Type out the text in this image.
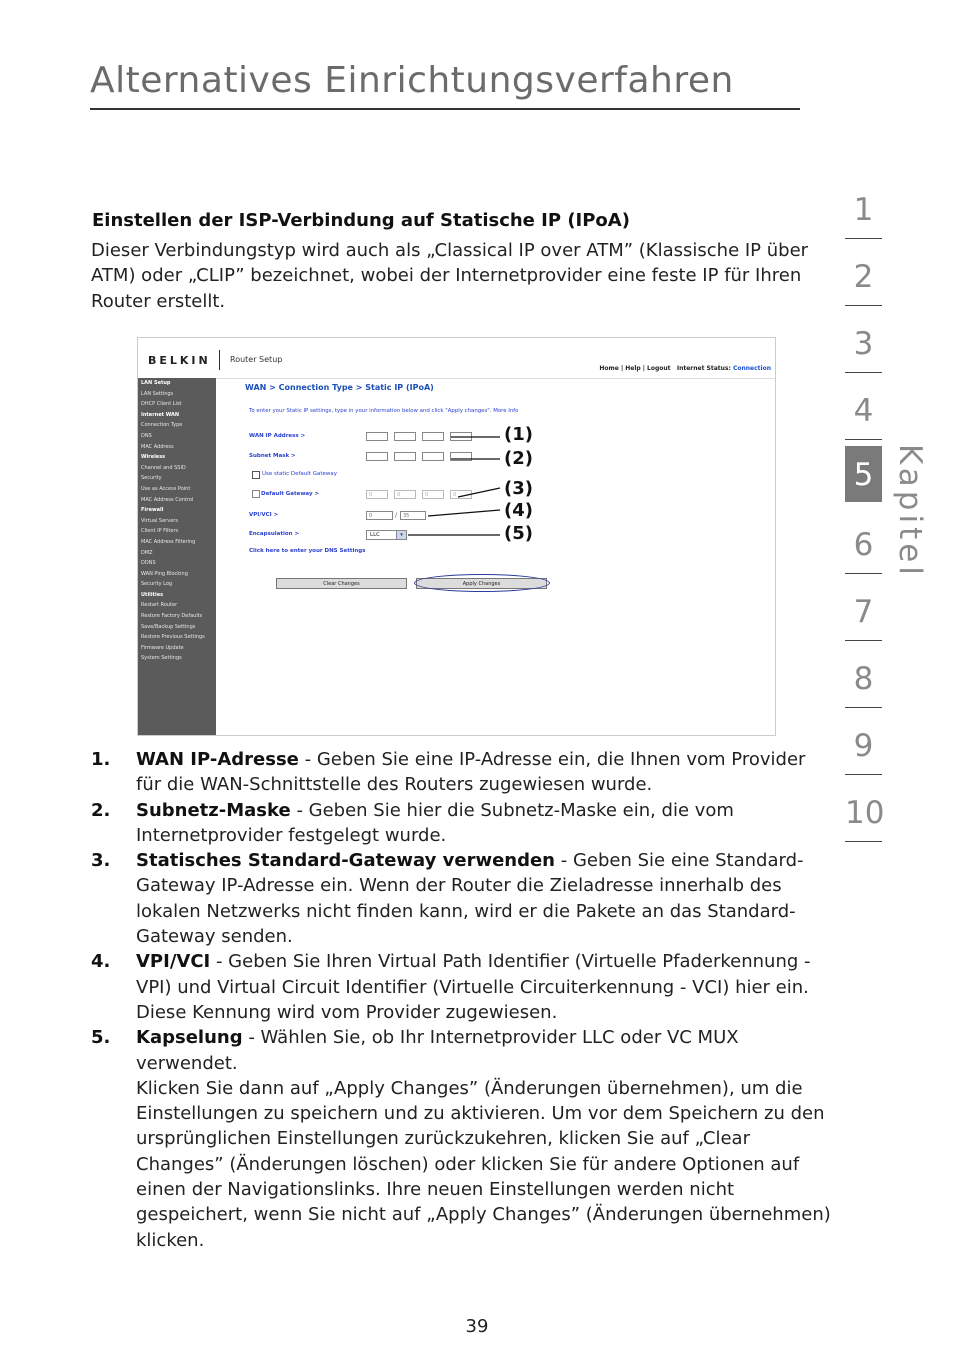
Alternatives Einrichtungsverfahren
1
2
3
4
5
6
7
8
9
10
Kapitel
Einstellen der ISP-Verbindung auf Statische IP (IPoA)

Dieser Verbindungstyp wird auch als „Classical IP over ATM” (Klassische IP über ATM) oder „CLIP” bezeichnet, wobei der Internetprovider eine feste IP für Ihren Router erstellt.

BELKIN Router Setup
Home | Help | Logout Internet Status: Connection
LAN Setup
LAN Settings
DHCP Client List
Internet WAN
Connection Type
DNS
MAC Address
Wireless
Channel and SSID
Security
Use as Access Point
MAC Address Control
Firewall
Virtual Servers
Client IP Filters
MAC Address Filtering
DMZ
DDNS
WAN Ping Blocking
Security Log
Utilities
Restart Router
Restore Factory Defaults
Save/Backup Settings
Restore Previous Settings
Firmware Update
System Settings
WAN > Connection Type > Static IP (IPoA)
To enter your Static IP settings, type in your information below and click "Apply changes". More Info
WAN IP Address >
Subnet Mask >
Use static Default Gateway
Default Gateway >	0	0	0	0
VPI/VCI >	0	/	35
Encapsulation >	LLC	▾
Click here to enter your DNS Settings
Clear Changes	Apply Changes
(1)
(2)
(3)
(4)
(5)
1. WAN IP-Adresse - Geben Sie eine IP-Adresse ein, die Ihnen vom Provider für die WAN-Schnittstelle des Routers zugewiesen wurde.
2. Subnetz-Maske - Geben Sie hier die Subnetz-Maske ein, die vom Internetprovider festgelegt wurde.
3. Statisches Standard-Gateway verwenden - Geben Sie eine Standard-Gateway IP-Adresse ein. Wenn der Router die Zieladresse innerhalb des lokalen Netzwerks nicht finden kann, wird er die Pakete an das Standard-Gateway senden.
4. VPI/VCI - Geben Sie Ihren Virtual Path Identifier (Virtuelle Pfaderkennung - VPI) und Virtual Circuit Identifier (Virtuelle Circuiterkennung - VCI) hier ein. Diese Kennung wird vom Provider zugewiesen.
5. Kapselung - Wählen Sie, ob Ihr Internetprovider LLC oder VC MUX verwendet.
Klicken Sie dann auf „Apply Changes” (Änderungen übernehmen), um die Einstellungen zu speichern und zu aktivieren. Um vor dem Speichern zu den ursprünglichen Einstellungen zurückzukehren, klicken Sie auf „Clear Changes” (Änderungen löschen) oder klicken Sie für andere Optionen auf einen der Navigationslinks. Ihre neuen Einstellungen werden nicht gespeichert, wenn Sie nicht auf „Apply Changes” (Änderungen übernehmen) klicken.
39
